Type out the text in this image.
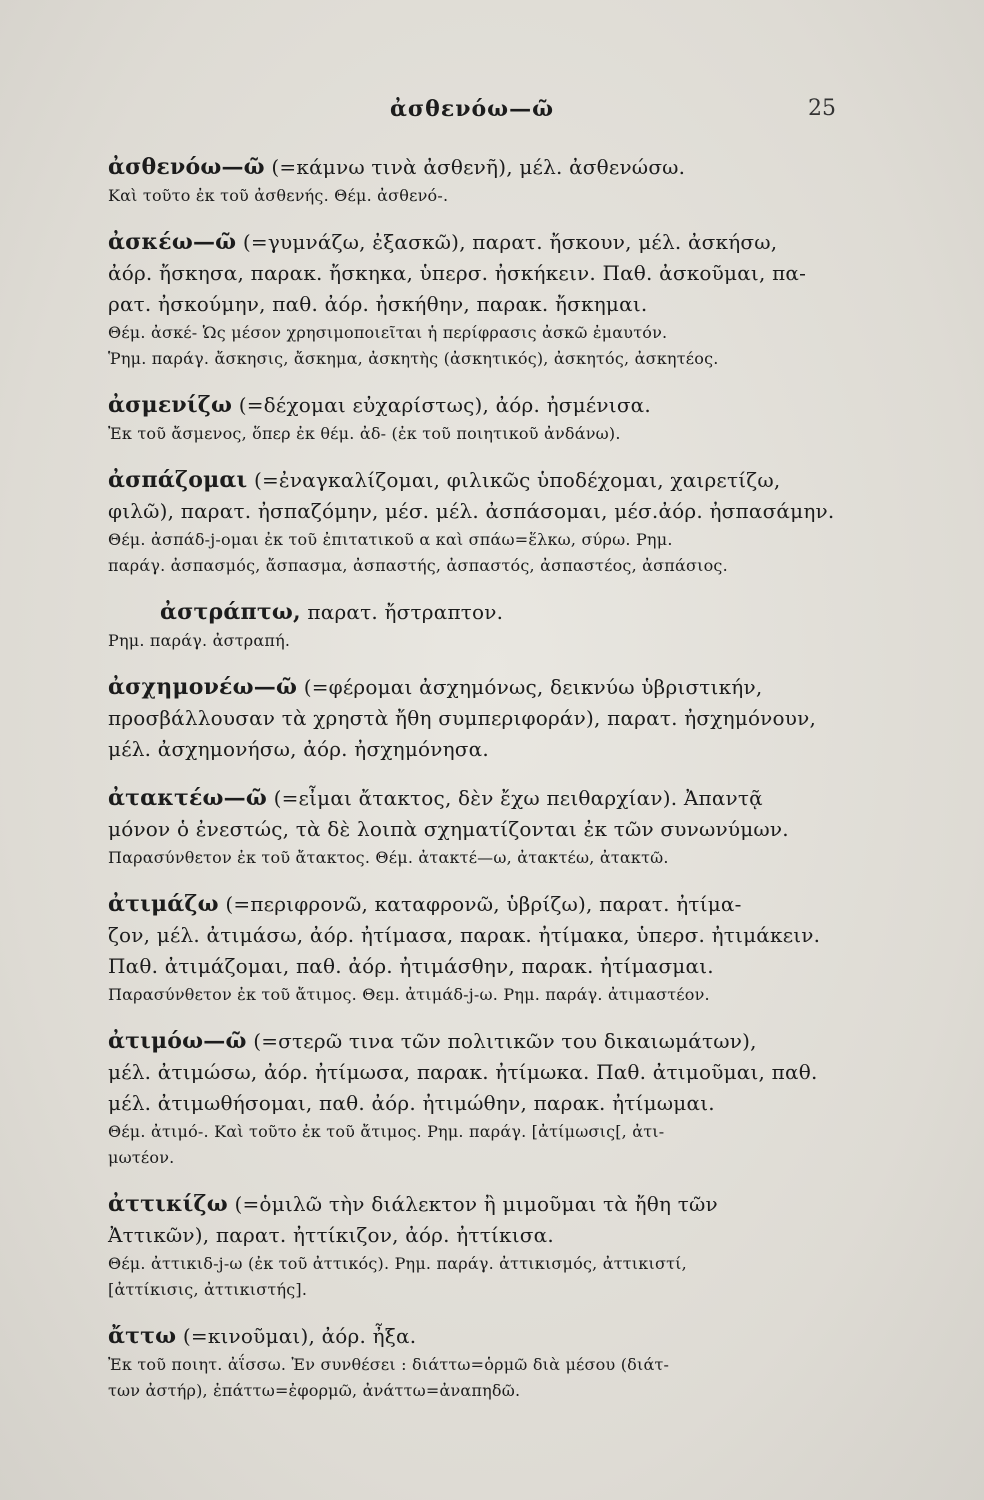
ἀσθενόω—ῶ	25
ἀσθενόω—ῶ (=κάμνω τινὰ ἀσθενῆ), μέλ. ἀσθενώσω.
Καὶ τοῦτο ἐκ τοῦ ἀσθενής. Θέμ. ἀσθενό-.
ἀσκέω—ῶ (=γυμνάζω, ἐξασκῶ), παρατ. ἤσκουν, μέλ. ἀσκήσω,
ἀόρ. ἤσκησα, παρακ. ἤσκηκα, ὑπερσ. ἠσκήκειν. Παθ. ἀσκοῦμαι, πα-
ρατ. ἠσκούμην, παθ. ἀόρ. ἠσκήθην, παρακ. ἤσκημαι.
Θέμ. ἀσκέ- Ὡς μέσον χρησιμοποιεῖται ἡ περίφρασις ἀσκῶ ἐμαυτόν.
Ῥημ. παράγ. ἄσκησις, ἄσκημα, ἀσκητὴς (ἀσκητικός), ἀσκητός, ἀσκητέος.
ἀσμενίζω (=δέχομαι εὐχαρίστως), ἀόρ. ἠσμένισα.
Ἐκ τοῦ ἄσμενος, ὅπερ ἐκ θέμ. ἀδ- (ἐκ τοῦ ποιητικοῦ ἀνδάνω).
ἀσπάζομαι (=ἐναγκαλίζομαι, φιλικῶς ὑποδέχομαι, χαιρετίζω,
φιλῶ), παρατ. ἠσπαζόμην, μέσ. μέλ. ἀσπάσομαι, μέσ.ἀόρ. ἠσπασάμην.
Θέμ. ἀσπάδ-j-ομαι ἐκ τοῦ ἐπιτατικοῦ α καὶ σπάω=ἕλκω, σύρω. Ρημ.
παράγ. ἀσπασμός, ἄσπασμα, ἀσπαστής, ἀσπαστός, ἀσπαστέος, ἀσπάσιος.
ἀστράπτω, παρατ. ἤστραπτον.
Ρημ. παράγ. ἀστραπή.
ἀσχημονέω—ῶ (=φέρομαι ἀσχημόνως, δεικνύω ὑβριστικήν,
προσβάλλουσαν τὰ χρηστὰ ἤθη συμπεριφοράν), παρατ. ἠσχημόνουν,
μέλ. ἀσχημονήσω, ἀόρ. ἠσχημόνησα.
ἀτακτέω—ῶ (=εἶμαι ἄτακτος, δὲν ἔχω πειθαρχίαν). Ἀπαντᾷ
μόνον ὁ ἐνεστώς, τὰ δὲ λοιπὰ σχηματίζονται ἐκ τῶν συνωνύμων.
Παρασύνθετον ἐκ τοῦ ἄτακτος. Θέμ. ἀτακτέ—ω, ἀτακτέω, ἀτακτῶ.
ἀτιμάζω (=περιφρονῶ, καταφρονῶ, ὑβρίζω), παρατ. ἠτίμα-
ζον, μέλ. ἀτιμάσω, ἀόρ. ἠτίμασα, παρακ. ἠτίμακα, ὑπερσ. ἠτιμάκειν.
Παθ. ἀτιμάζομαι, παθ. ἀόρ. ἠτιμάσθην, παρακ. ἠτίμασμαι.
Παρασύνθετον ἐκ τοῦ ἄτιμος. Θεμ. ἀτιμάδ-j-ω. Ρημ. παράγ. ἀτιμαστέον.
ἀτιμόω—ῶ (=στερῶ τινα τῶν πολιτικῶν του δικαιωμάτων),
μέλ. ἀτιμώσω, ἀόρ. ἠτίμωσα, παρακ. ἠτίμωκα. Παθ. ἀτιμοῦμαι, παθ.
μέλ. ἀτιμωθήσομαι, παθ. ἀόρ. ἠτιμώθην, παρακ. ἠτίμωμαι.
Θέμ. ἀτιμό-. Καὶ τοῦτο ἐκ τοῦ ἄτιμος. Ρημ. παράγ. [ἀτίμωσις[, ἀτι-
μωτέον.
ἀττικίζω (=ὁμιλῶ τὴν διάλεκτον ἢ μιμοῦμαι τὰ ἤθη τῶν
Ἀττικῶν), παρατ. ἠττίκιζον, ἀόρ. ἠττίκισα.
Θέμ. ἀττικιδ-j-ω (ἐκ τοῦ ἀττικός). Ρημ. παράγ. ἀττικισμός, ἀττικιστί,
[ἀττίκισις, ἀττικιστής].
ἄττω (=κινοῦμαι), ἀόρ. ἦξα.
Ἐκ τοῦ ποιητ. ἀΐσσω. Ἐν συνθέσει : διάττω=ὁρμῶ διὰ μέσου (διάτ-
των ἀστήρ), ἐπάττω=ἐφορμῶ, ἀνάττω=ἀναπηδῶ.
